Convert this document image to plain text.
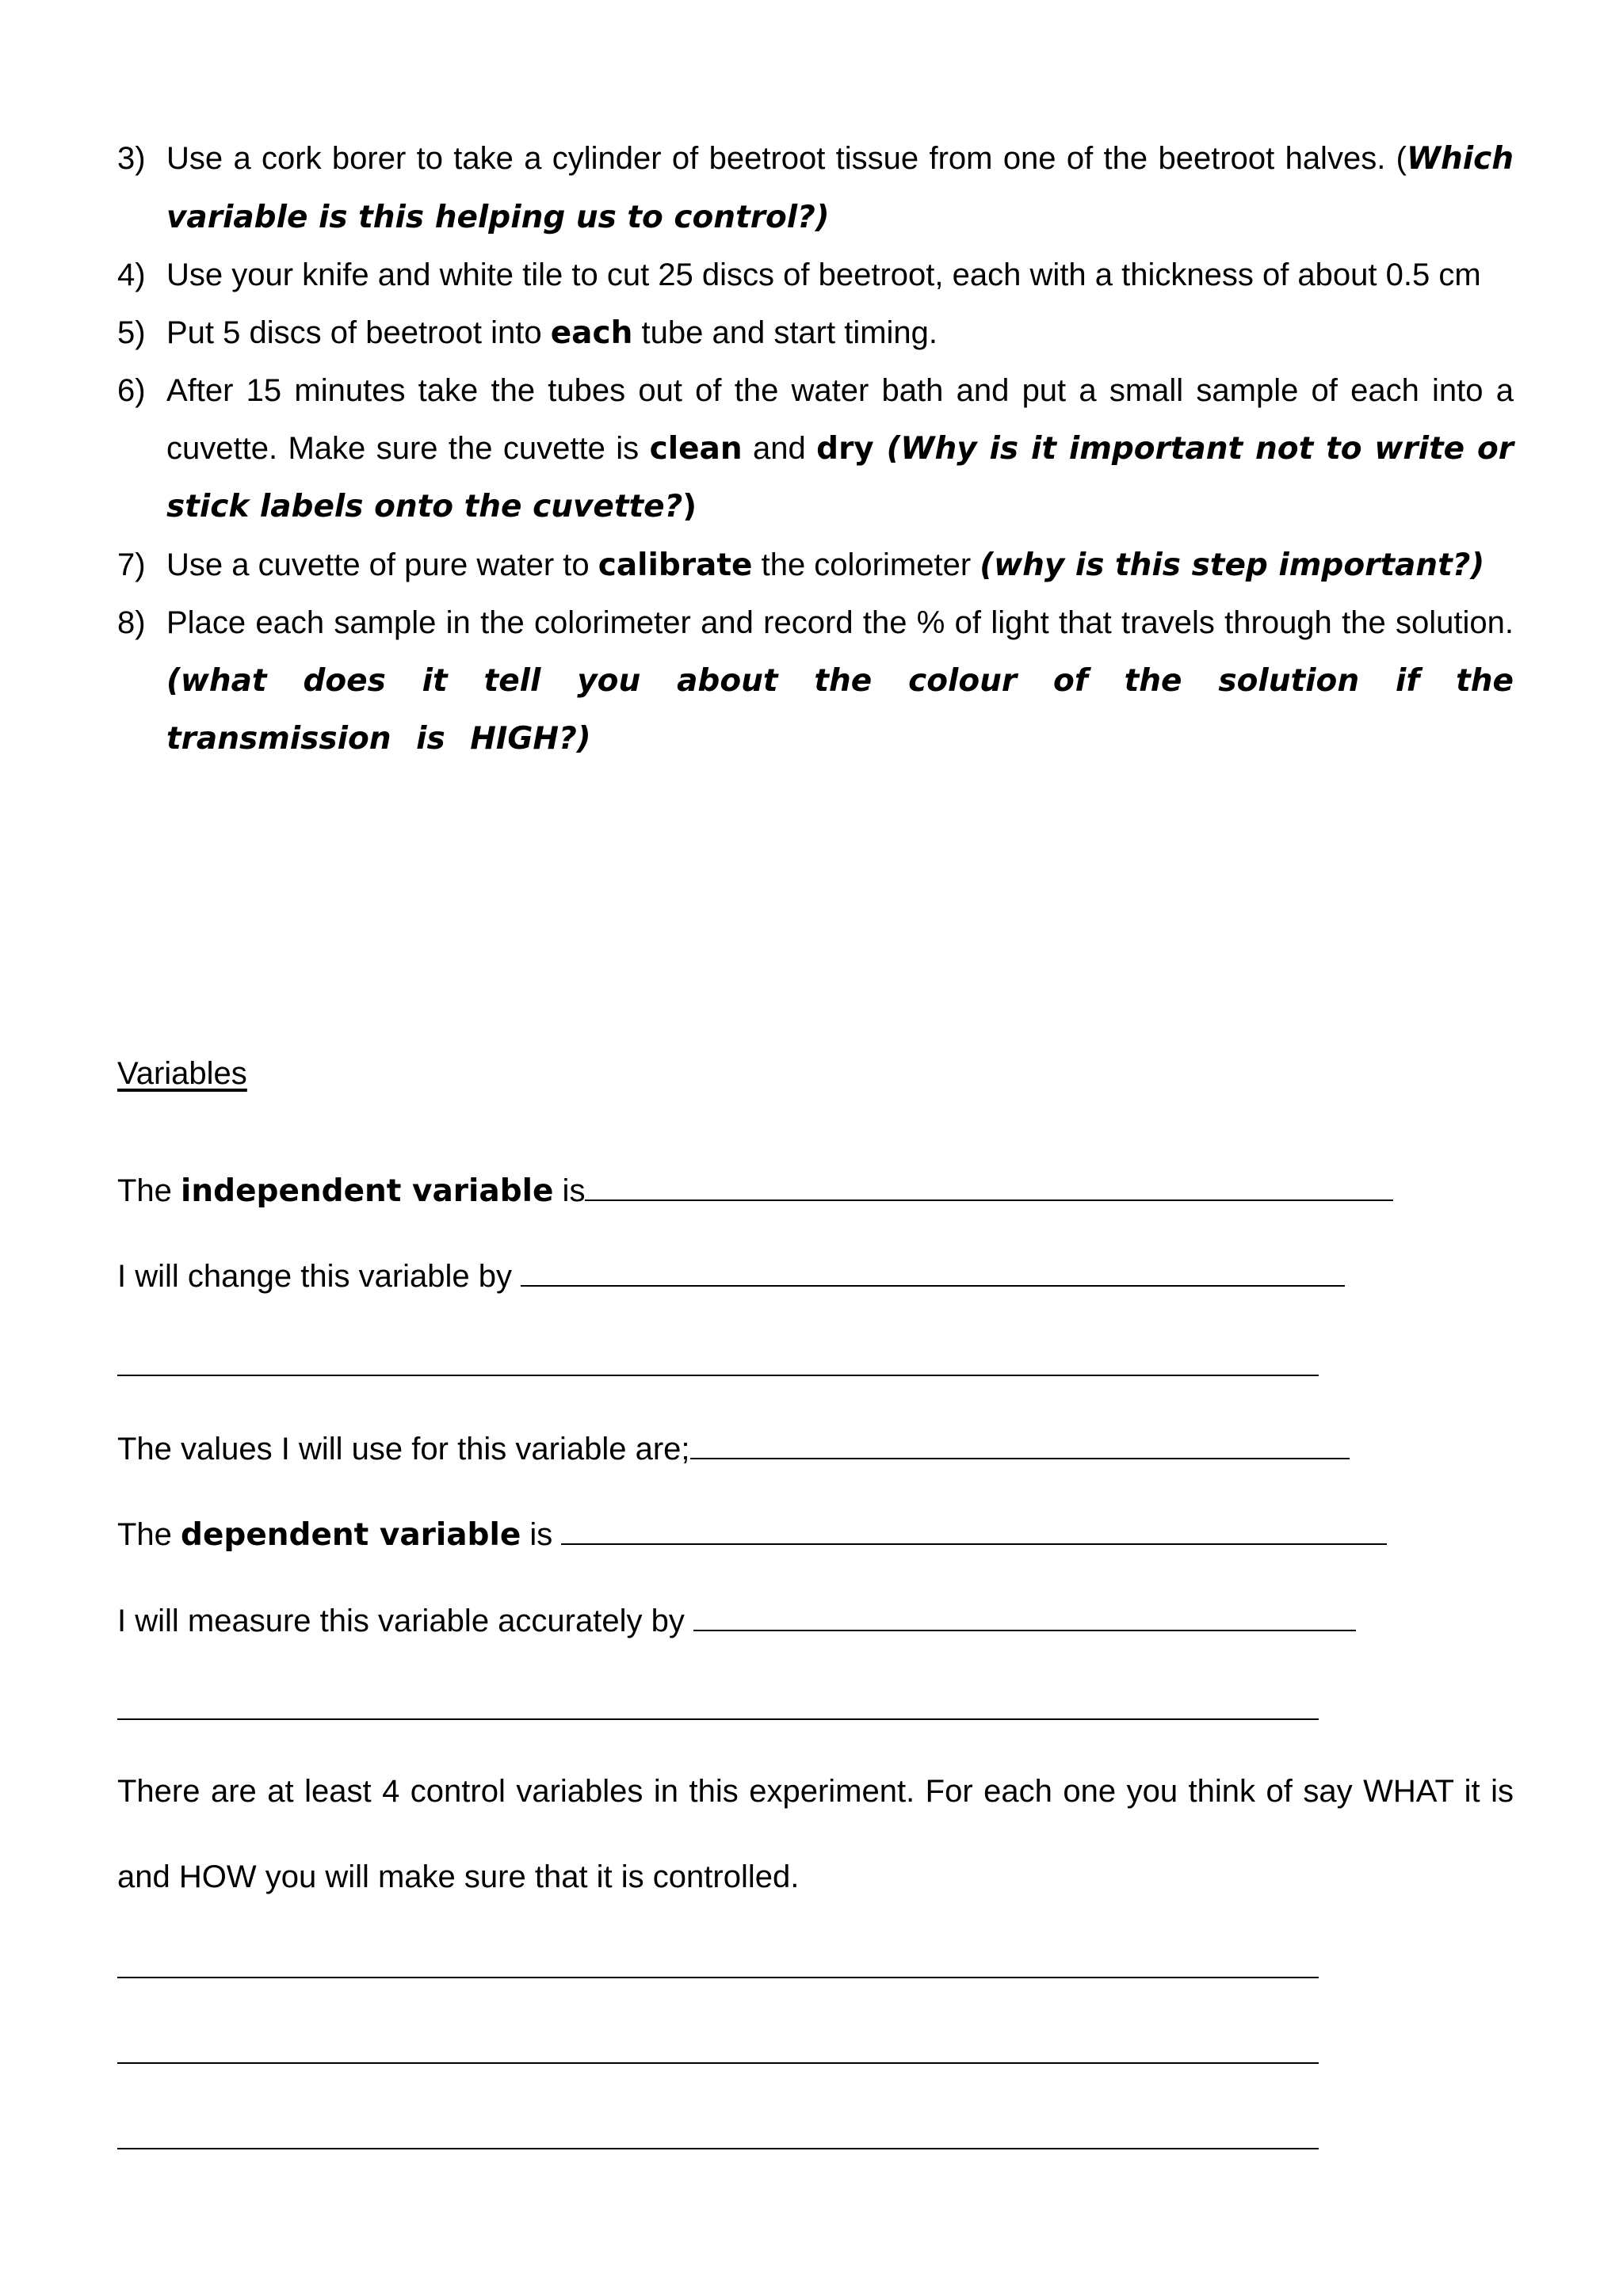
3) Use a cork borer to take a cylinder of beetroot tissue from one of the beetroot halves. (Which variable is this helping us to control?)
4) Use your knife and white tile to cut 25 discs of beetroot, each with a thickness of about 0.5 cm
5) Put 5 discs of beetroot into each tube and start timing.
6) After 15 minutes take the tubes out of the water bath and put a small sample of each into a cuvette. Make sure the cuvette is clean and dry (Why is it important not to write or stick labels onto the cuvette?)
7) Use a cuvette of pure water to calibrate the colorimeter (why is this step important?)
8) Place each sample in the colorimeter and record the % of light that travels through the solution. (what does it tell you about the colour of the solution if the transmission is HIGH?)
Variables
The independent variable is
I will change this variable by
The values I will use for this variable are;
The dependent variable is
I will measure this variable accurately by
There are at least 4 control variables in this experiment. For each one you think of say WHAT it is and HOW you will make sure that it is controlled.
